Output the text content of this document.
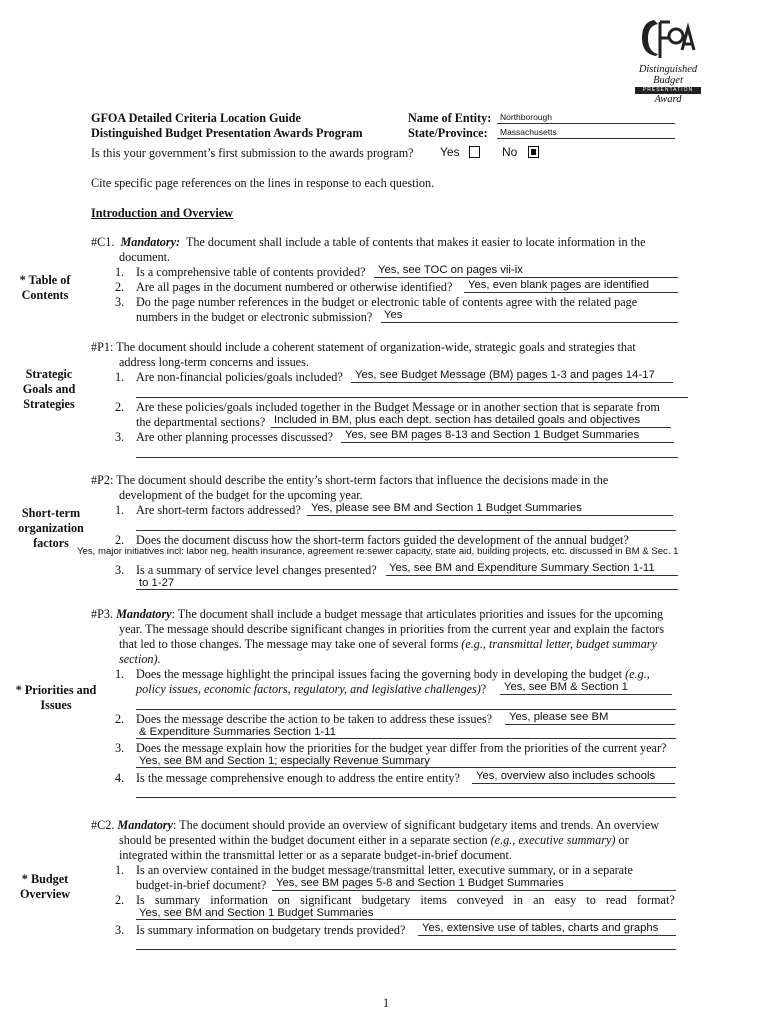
Distinguished
Budget
PRESENTATION
Award
GFOA Detailed Criteria Location Guide
Distinguished Budget Presentation Awards Program
Name of Entity: Northborough
State/Province: Massachusetts
Is this your government’s first submission to the awards program? Yes	No
Cite specific page references on the lines in response to each question.
Introduction and Overview
* Table of
Contents
#C1. Mandatory: The document shall include a table of contents that makes it easier to locate information in the
document.
1. Is a comprehensive table of contents provided? Yes, see TOC on pages vii-ix
2. Are all pages in the document numbered or otherwise identified? Yes, even blank pages are identified
3. Do the page number references in the budget or electronic table of contents agree with the related page
numbers in the budget or electronic submission? Yes
Strategic
Goals and
Strategies
#P1: The document should include a coherent statement of organization-wide, strategic goals and strategies that
address long-term concerns and issues.
1. Are non-financial policies/goals included? Yes, see Budget Message (BM) pages 1-3 and pages 14-17
2. Are these policies/goals included together in the Budget Message or in another section that is separate from
the departmental sections? Included in BM, plus each dept. section has detailed goals and objectives
3. Are other planning processes discussed? Yes, see BM pages 8-13 and Section 1 Budget Summaries
Short-term
organization
factors
#P2: The document should describe the entity’s short-term factors that influence the decisions made in the
development of the budget for the upcoming year.
1. Are short-term factors addressed? Yes, please see BM and Section 1 Budget Summaries
2. Does the document discuss how the short-term factors guided the development of the annual budget?
Yes, major initiatives incl: labor neg, health insurance, agreement re:sewer capacity, state aid, building projects, etc. discussed in BM & Sec. 1
3. Is a summary of service level changes presented? Yes, see BM and Expenditure Summary Section 1-11
to 1-27
* Priorities and
Issues
#P3. Mandatory: The document shall include a budget message that articulates priorities and issues for the upcoming
year. The message should describe significant changes in priorities from the current year and explain the factors
that led to those changes. The message may take one of several forms (e.g., transmittal letter, budget summary
section).
1. Does the message highlight the principal issues facing the governing body in developing the budget (e.g.,
policy issues, economic factors, regulatory, and legislative challenges)? Yes, see BM & Section 1
2. Does the message describe the action to be taken to address these issues? Yes, please see BM
& Expenditure Summaries Section 1-11
3. Does the message explain how the priorities for the budget year differ from the priorities of the current year?
Yes, see BM and Section 1; especially Revenue Summary
4. Is the message comprehensive enough to address the entire entity? Yes, overview also includes schools
* Budget
Overview
#C2. Mandatory: The document should provide an overview of significant budgetary items and trends. An overview
should be presented within the budget document either in a separate section (e.g., executive summary) or
integrated within the transmittal letter or as a separate budget-in-brief document.
1. Is an overview contained in the budget message/transmittal letter, executive summary, or in a separate
budget-in-brief document? Yes, see BM pages 5-8 and Section 1 Budget Summaries
2. Is summary information on significant budgetary items conveyed in an easy to read format?
Yes, see BM and Section 1 Budget Summaries
3. Is summary information on budgetary trends provided? Yes, extensive use of tables, charts and graphs
1
